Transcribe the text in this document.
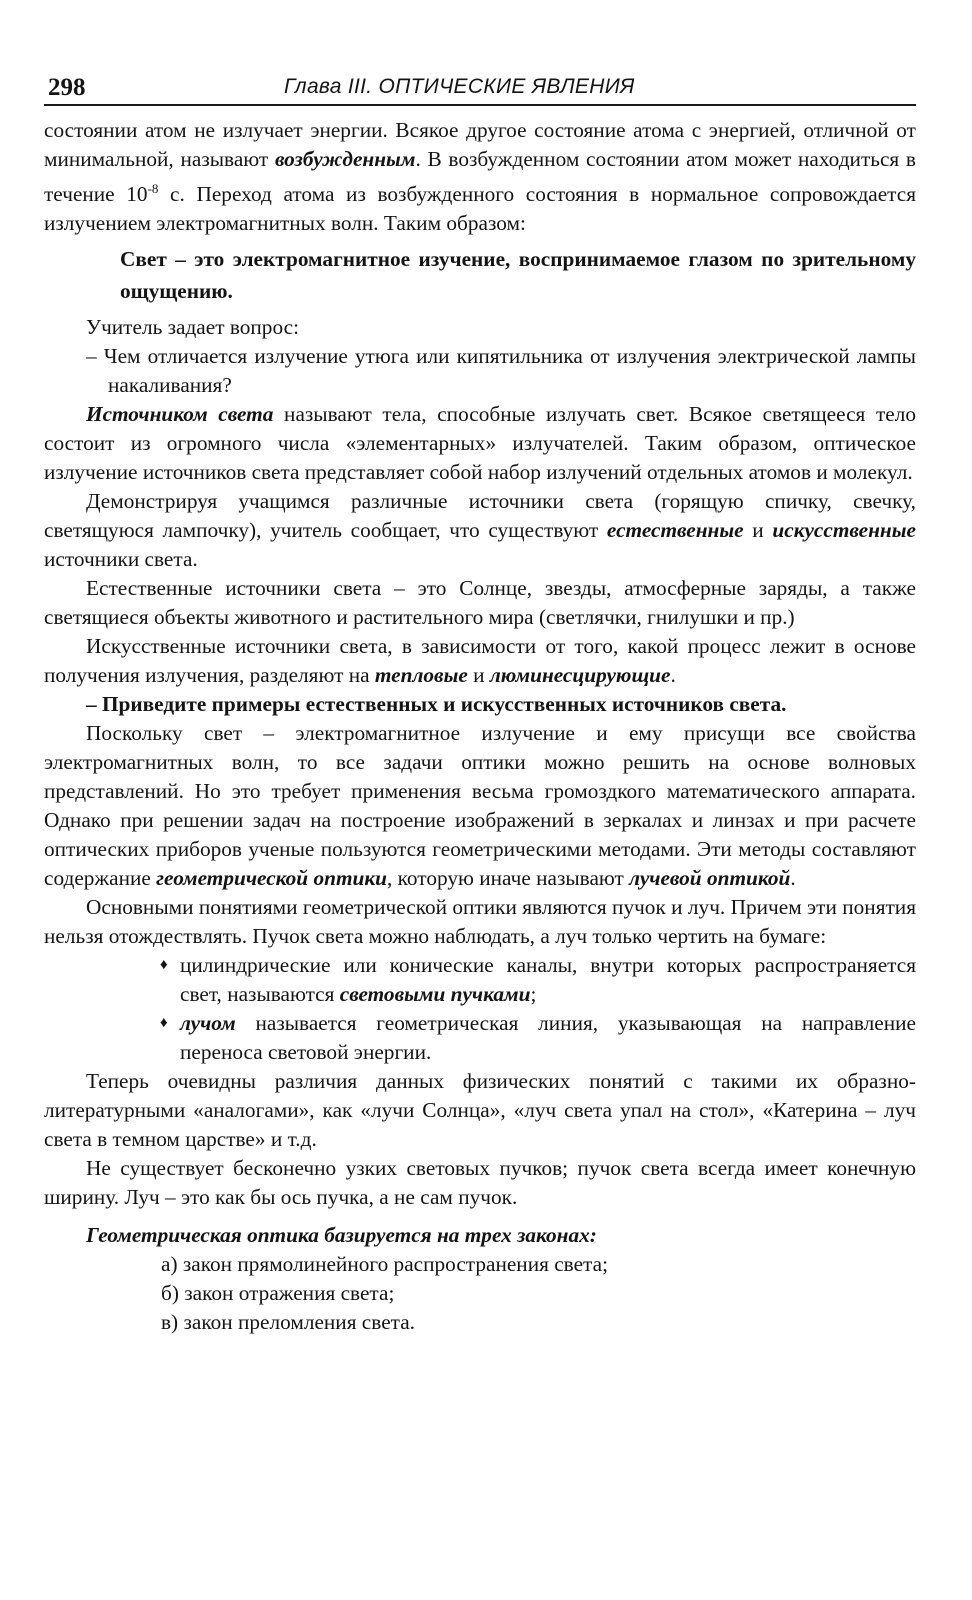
298	Глава III. ОПТИЧЕСКИЕ ЯВЛЕНИЯ

состоянии атом не излучает энергии. Всякое другое состояние атома с энергией, отличной от минимальной, называют возбужденным. В возбужденном состоянии атом может находиться в течение $10^{-8}$ с. Переход атома из возбужденного состояния в нормальное сопровождается излучением электромагнитных волн. Таким образом:

Свет – это электромагнитное изучение, воспринимаемое глазом по зрительному ощущению.

Учитель задает вопрос:

– Чем отличается излучение утюга или кипятильника от излучения электрической лампы накаливания?

Источником света называют тела, способные излучать свет. Всякое светящееся тело состоит из огромного числа «элементарных» излучателей. Таким образом, оптическое излучение источников света представляет собой набор излучений отдельных атомов и молекул.

Демонстрируя учащимся различные источники света (горящую спичку, свечку, светящуюся лампочку), учитель сообщает, что существуют естественные и искусственные источники света.

Естественные источники света – это Солнце, звезды, атмосферные заряды, а также светящиеся объекты животного и растительного мира (светлячки, гнилушки и пр.)

Искусственные источники света, в зависимости от того, какой процесс лежит в основе получения излучения, разделяют на тепловые и люминесцирующие.

– Приведите примеры естественных и искусственных источников света.

Поскольку свет – электромагнитное излучение и ему присущи все свойства электромагнитных волн, то все задачи оптики можно решить на основе волновых представлений. Но это требует применения весьма громоздкого математического аппарата. Однако при решении задач на построение изображений в зеркалах и линзах и при расчете оптических приборов ученые пользуются геометрическими методами. Эти методы составляют содержание геометрической оптики, которую иначе называют лучевой оптикой.

Основными понятиями геометрической оптики являются пучок и луч. Причем эти понятия нельзя отождествлять. Пучок света можно наблюдать, а луч только чертить на бумаге:

♦ цилиндрические или конические каналы, внутри которых распространяется свет, называются световыми пучками;

♦ лучом называется геометрическая линия, указывающая на направление переноса световой энергии.

Теперь очевидны различия данных физических понятий с такими их образно-литературными «аналогами», как «лучи Солнца», «луч света упал на стол», «Катерина – луч света в темном царстве» и т.д.

Не существует бесконечно узких световых пучков; пучок света всегда имеет конечную ширину. Луч – это как бы ось пучка, а не сам пучок.

Геометрическая оптика базируется на трех законах:

а) закон прямолинейного распространения света;

б) закон отражения света;

в) закон преломления света.
